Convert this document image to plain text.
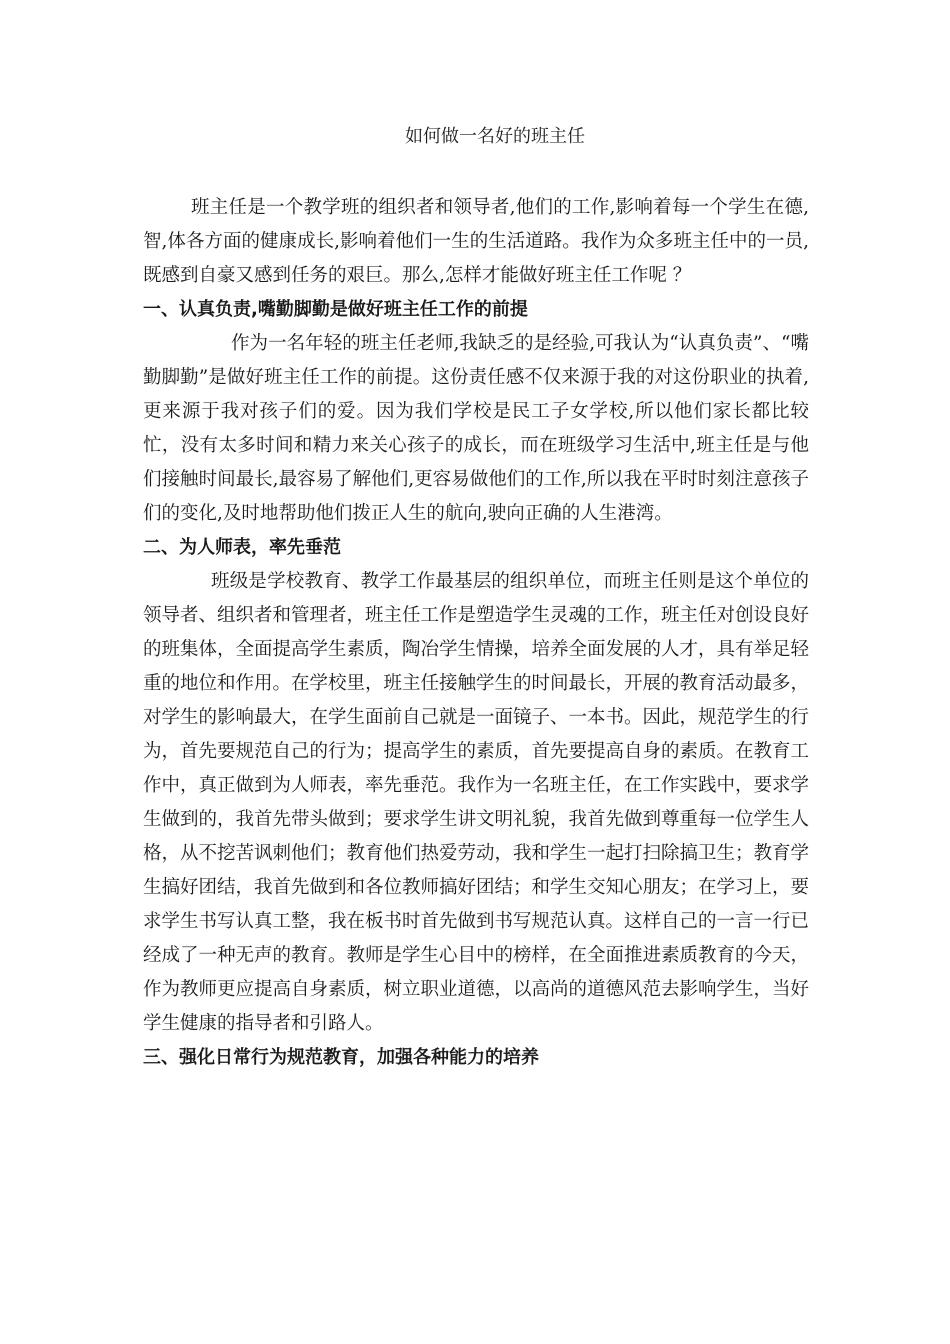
如何做一名好的班主任

班主任是一个教学班的组织者和领导者,他们的工作,影响着每一个学生在德,智,体各方面的健康成长,影响着他们一生的生活道路。我作为众多班主任中的一员,既感到自豪又感到任务的艰巨。那么,怎样才能做好班主任工作呢 ？

一、认真负责,嘴勤脚勤是做好班主任工作的前提

作为一名年轻的班主任老师,我缺乏的是经验,可我认为“认真负责”、“嘴勤脚勤”是做好班主任工作的前提。这份责任感不仅来源于我的对这份职业的执着,更来源于我对孩子们的爱。因为我们学校是民工子女学校,所以他们家长都比较忙，没有太多时间和精力来关心孩子的成长，而在班级学习生活中,班主任是与他们接触时间最长,最容易了解他们,更容易做他们的工作,所以我在平时时刻注意孩子们的变化,及时地帮助他们拨正人生的航向,驶向正确的人生港湾。

二、为人师表，率先垂范

班级是学校教育、教学工作最基层的组织单位，而班主任则是这个单位的领导者、组织者和管理者，班主任工作是塑造学生灵魂的工作，班主任对创设良好的班集体，全面提高学生素质，陶冶学生情操，培养全面发展的人才，具有举足轻重的地位和作用。在学校里，班主任接触学生的时间最长，开展的教育活动最多，对学生的影响最大，在学生面前自己就是一面镜子、一本书。因此，规范学生的行为，首先要规范自己的行为；提高学生的素质，首先要提高自身的素质。在教育工作中，真正做到为人师表，率先垂范。我作为一名班主任，在工作实践中，要求学生做到的，我首先带头做到；要求学生讲文明礼貌，我首先做到尊重每一位学生人格，从不挖苦讽刺他们；教育他们热爱劳动，我和学生一起打扫除搞卫生；教育学生搞好团结，我首先做到和各位教师搞好团结；和学生交知心朋友；在学习上，要求学生书写认真工整，我在板书时首先做到书写规范认真。这样自己的一言一行已经成了一种无声的教育。教师是学生心目中的榜样，在全面推进素质教育的今天，作为教师更应提高自身素质，树立职业道德，以高尚的道德风范去影响学生，当好学生健康的指导者和引路人。

三、强化日常行为规范教育，加强各种能力的培养
